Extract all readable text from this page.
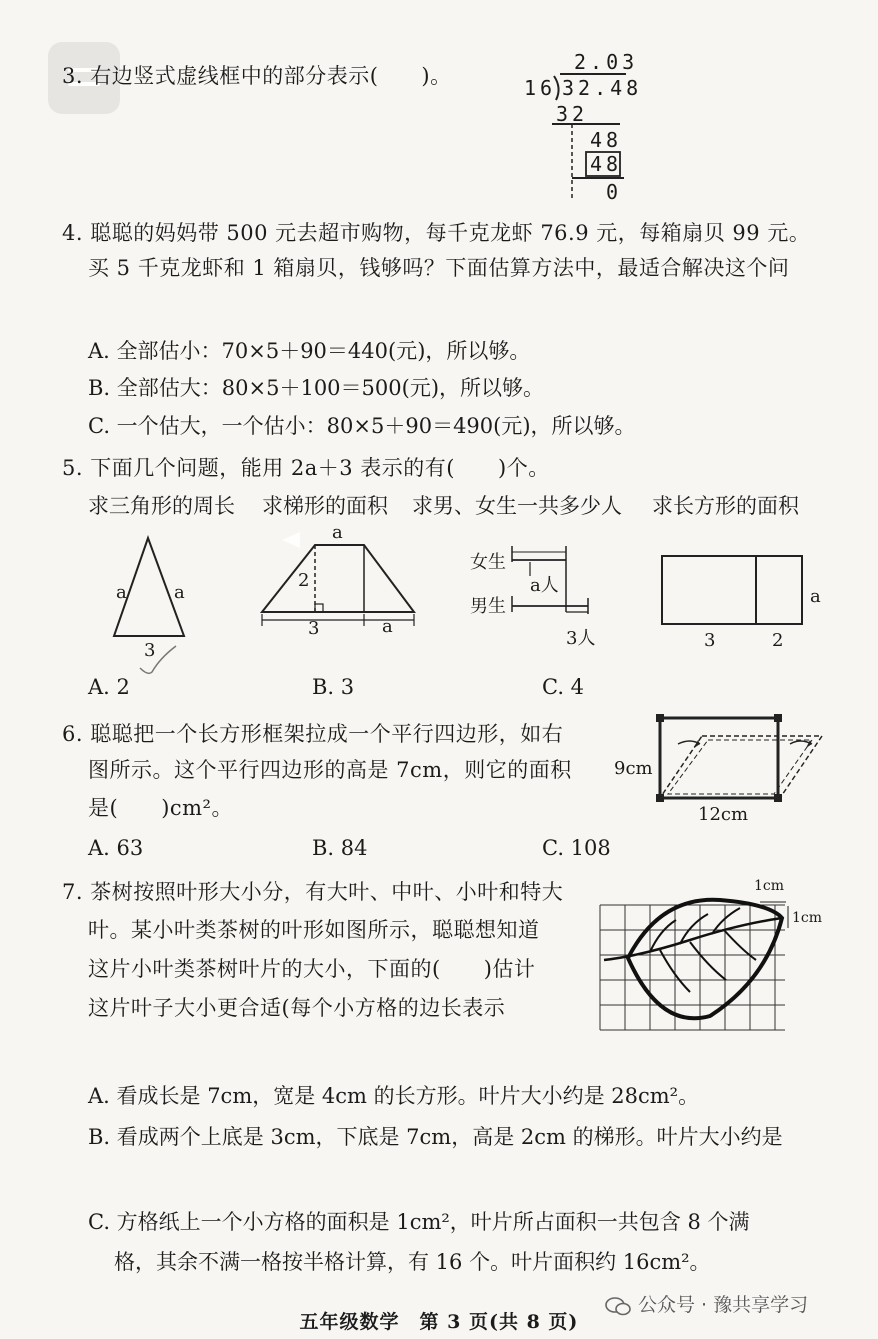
3. 右边竖式虚线框中的部分表示(　　)。
2.03
16 32.48
32
48
48
0
4. 聪聪的妈妈带 500 元去超市购物，每千克龙虾 76.9 元，每箱扇贝 99 元。
买 5 千克龙虾和 1 箱扇贝，钱够吗？下面估算方法中，最适合解决这个问
A. 全部估小：70×5＋90＝440(元)，所以够。
B. 全部估大：80×5＋100＝500(元)，所以够。
C. 一个估大，一个估小：80×5＋90＝490(元)，所以够。
5. 下面几个问题，能用 2a＋3 表示的有(　　)个。
求三角形的周长 求梯形的面积 求男、女生一共多少人 求长方形的面积
a	a
3
a
2
3	a
女生
男生
a人
3人	3	2
a
A. 2	B. 3	C. 4
6. 聪聪把一个长方形框架拉成一个平行四边形，如右
图所示。这个平行四边形的高是 7cm，则它的面积
是(　　)cm²。
9cm
12cm
A. 63	B. 84	C. 108
7. 茶树按照叶形大小分，有大叶、中叶、小叶和特大
叶。某小叶类茶树的叶形如图所示，聪聪想知道
这片小叶类茶树叶片的大小，下面的(　　)估计
这片叶子大小更合适(每个小方格的边长表示
1cm
1cm
A. 看成长是 7cm，宽是 4cm 的长方形。叶片大小约是 28cm²。
B. 看成两个上底是 3cm，下底是 7cm，高是 2cm 的梯形。叶片大小约是
C. 方格纸上一个小方格的面积是 1cm²，叶片所占面积一共包含 8 个满
格，其余不满一格按半格计算，有 16 个。叶片面积约 16cm²。
五年级数学　第 3 页(共 8 页)
公众号 · 豫共享学习
